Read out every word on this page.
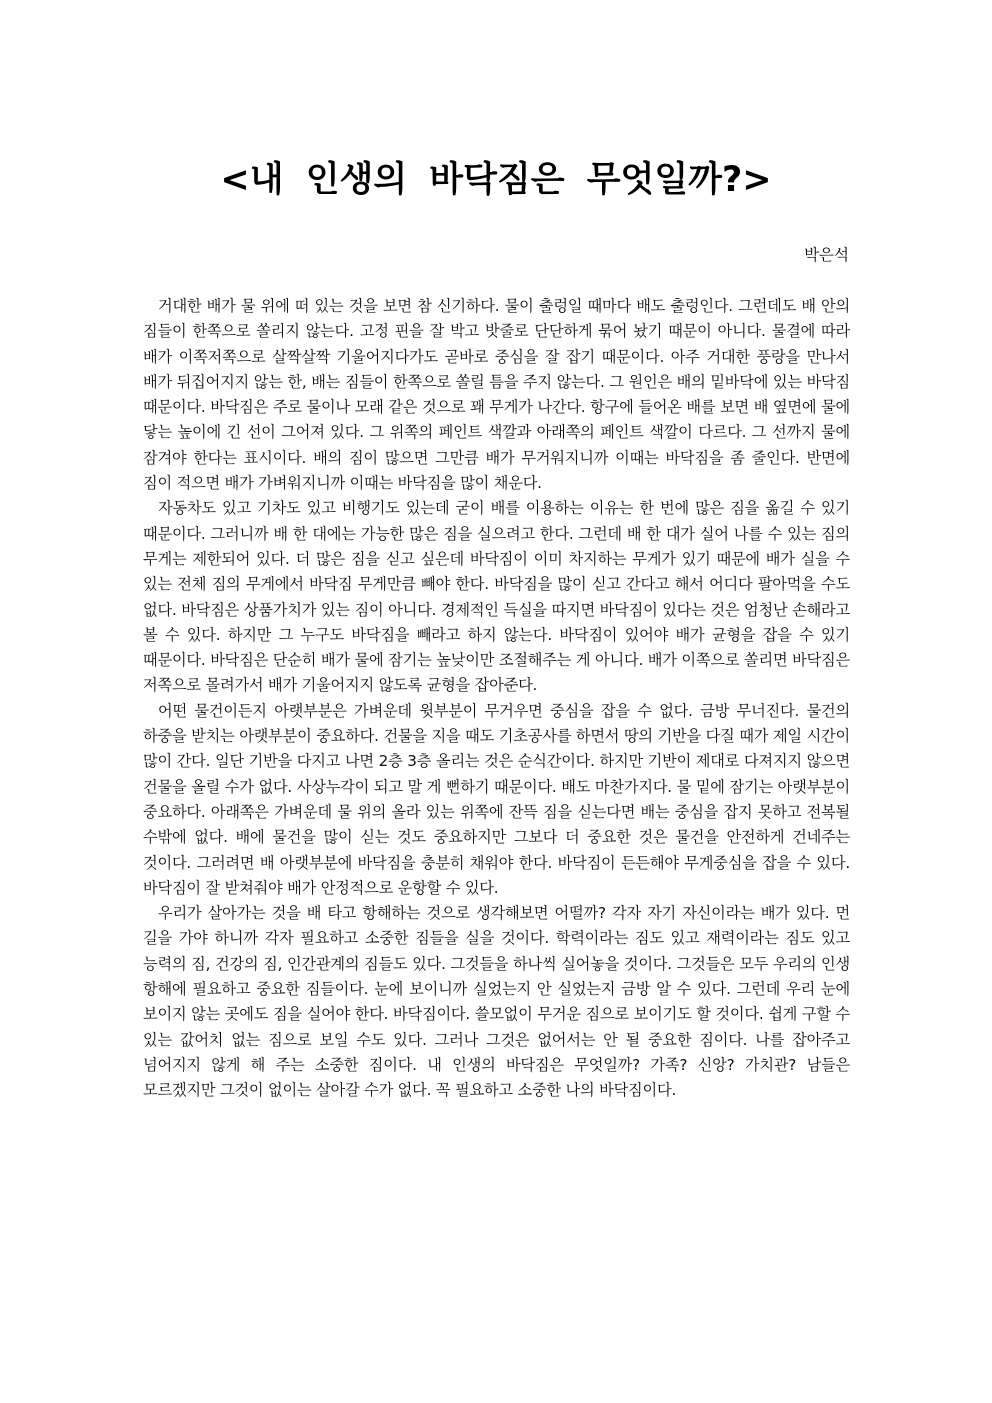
<내 인생의 바닥짐은 무엇일까?>
박은석

거대한 배가 물 위에 떠 있는 것을 보면 참 신기하다. 물이 출렁일 때마다 배도 출렁인다. 그런데도 배 안의 짐들이 한쪽으로 쏠리지 않는다. 고정 핀을 잘 박고 밧줄로 단단하게 묶어 놨기 때문이 아니다. 물결에 따라 배가 이쪽저쪽으로 살짝살짝 기울어지다가도 곧바로 중심을 잘 잡기 때문이다. 아주 거대한 풍랑을 만나서 배가 뒤집어지지 않는 한, 배는 짐들이 한쪽으로 쏠릴 틈을 주지 않는다. 그 원인은 배의 밑바닥에 있는 바닥짐 때문이다. 바닥짐은 주로 물이나 모래 같은 것으로 꽤 무게가 나간다. 항구에 들어온 배를 보면 배 옆면에 물에 닿는 높이에 긴 선이 그어져 있다. 그 위쪽의 페인트 색깔과 아래쪽의 페인트 색깔이 다르다. 그 선까지 물에 잠겨야 한다는 표시이다. 배의 짐이 많으면 그만큼 배가 무거워지니까 이때는 바닥짐을 좀 줄인다. 반면에 짐이 적으면 배가 가벼워지니까 이때는 바닥짐을 많이 채운다.

자동차도 있고 기차도 있고 비행기도 있는데 굳이 배를 이용하는 이유는 한 번에 많은 짐을 옮길 수 있기 때문이다. 그러니까 배 한 대에는 가능한 많은 짐을 실으려고 한다. 그런데 배 한 대가 실어 나를 수 있는 짐의 무게는 제한되어 있다. 더 많은 짐을 싣고 싶은데 바닥짐이 이미 차지하는 무게가 있기 때문에 배가 실을 수 있는 전체 짐의 무게에서 바닥짐 무게만큼 빼야 한다. 바닥짐을 많이 싣고 간다고 해서 어디다 팔아먹을 수도 없다. 바닥짐은 상품가치가 있는 짐이 아니다. 경제적인 득실을 따지면 바닥짐이 있다는 것은 엄청난 손해라고 볼 수 있다. 하지만 그 누구도 바닥짐을 빼라고 하지 않는다. 바닥짐이 있어야 배가 균형을 잡을 수 있기 때문이다. 바닥짐은 단순히 배가 물에 잠기는 높낮이만 조절해주는 게 아니다. 배가 이쪽으로 쏠리면 바닥짐은 저쪽으로 몰려가서 배가 기울어지지 않도록 균형을 잡아준다.

어떤 물건이든지 아랫부분은 가벼운데 윗부분이 무거우면 중심을 잡을 수 없다. 금방 무너진다. 물건의 하중을 받치는 아랫부분이 중요하다. 건물을 지을 때도 기초공사를 하면서 땅의 기반을 다질 때가 제일 시간이 많이 간다. 일단 기반을 다지고 나면 2층 3층 올리는 것은 순식간이다. 하지만 기반이 제대로 다져지지 않으면 건물을 올릴 수가 없다. 사상누각이 되고 말 게 뻔하기 때문이다. 배도 마찬가지다. 물 밑에 잠기는 아랫부분이 중요하다. 아래쪽은 가벼운데 물 위의 올라 있는 위쪽에 잔뜩 짐을 싣는다면 배는 중심을 잡지 못하고 전복될 수밖에 없다. 배에 물건을 많이 싣는 것도 중요하지만 그보다 더 중요한 것은 물건을 안전하게 건네주는 것이다. 그러려면 배 아랫부분에 바닥짐을 충분히 채워야 한다. 바닥짐이 든든해야 무게중심을 잡을 수 있다. 바닥짐이 잘 받쳐줘야 배가 안정적으로 운항할 수 있다.

우리가 살아가는 것을 배 타고 항해하는 것으로 생각해보면 어떨까? 각자 자기 자신이라는 배가 있다. 먼 길을 가야 하니까 각자 필요하고 소중한 짐들을 실을 것이다. 학력이라는 짐도 있고 재력이라는 짐도 있고 능력의 짐, 건강의 짐, 인간관계의 짐들도 있다. 그것들을 하나씩 실어놓을 것이다. 그것들은 모두 우리의 인생 항해에 필요하고 중요한 짐들이다. 눈에 보이니까 실었는지 안 실었는지 금방 알 수 있다. 그런데 우리 눈에 보이지 않는 곳에도 짐을 실어야 한다. 바닥짐이다. 쓸모없이 무거운 짐으로 보이기도 할 것이다. 쉽게 구할 수 있는 값어치 없는 짐으로 보일 수도 있다. 그러나 그것은 없어서는 안 될 중요한 짐이다. 나를 잡아주고 넘어지지 않게 해 주는 소중한 짐이다. 내 인생의 바닥짐은 무엇일까? 가족? 신앙? 가치관? 남들은 모르겠지만 그것이 없이는 살아갈 수가 없다. 꼭 필요하고 소중한 나의 바닥짐이다.
